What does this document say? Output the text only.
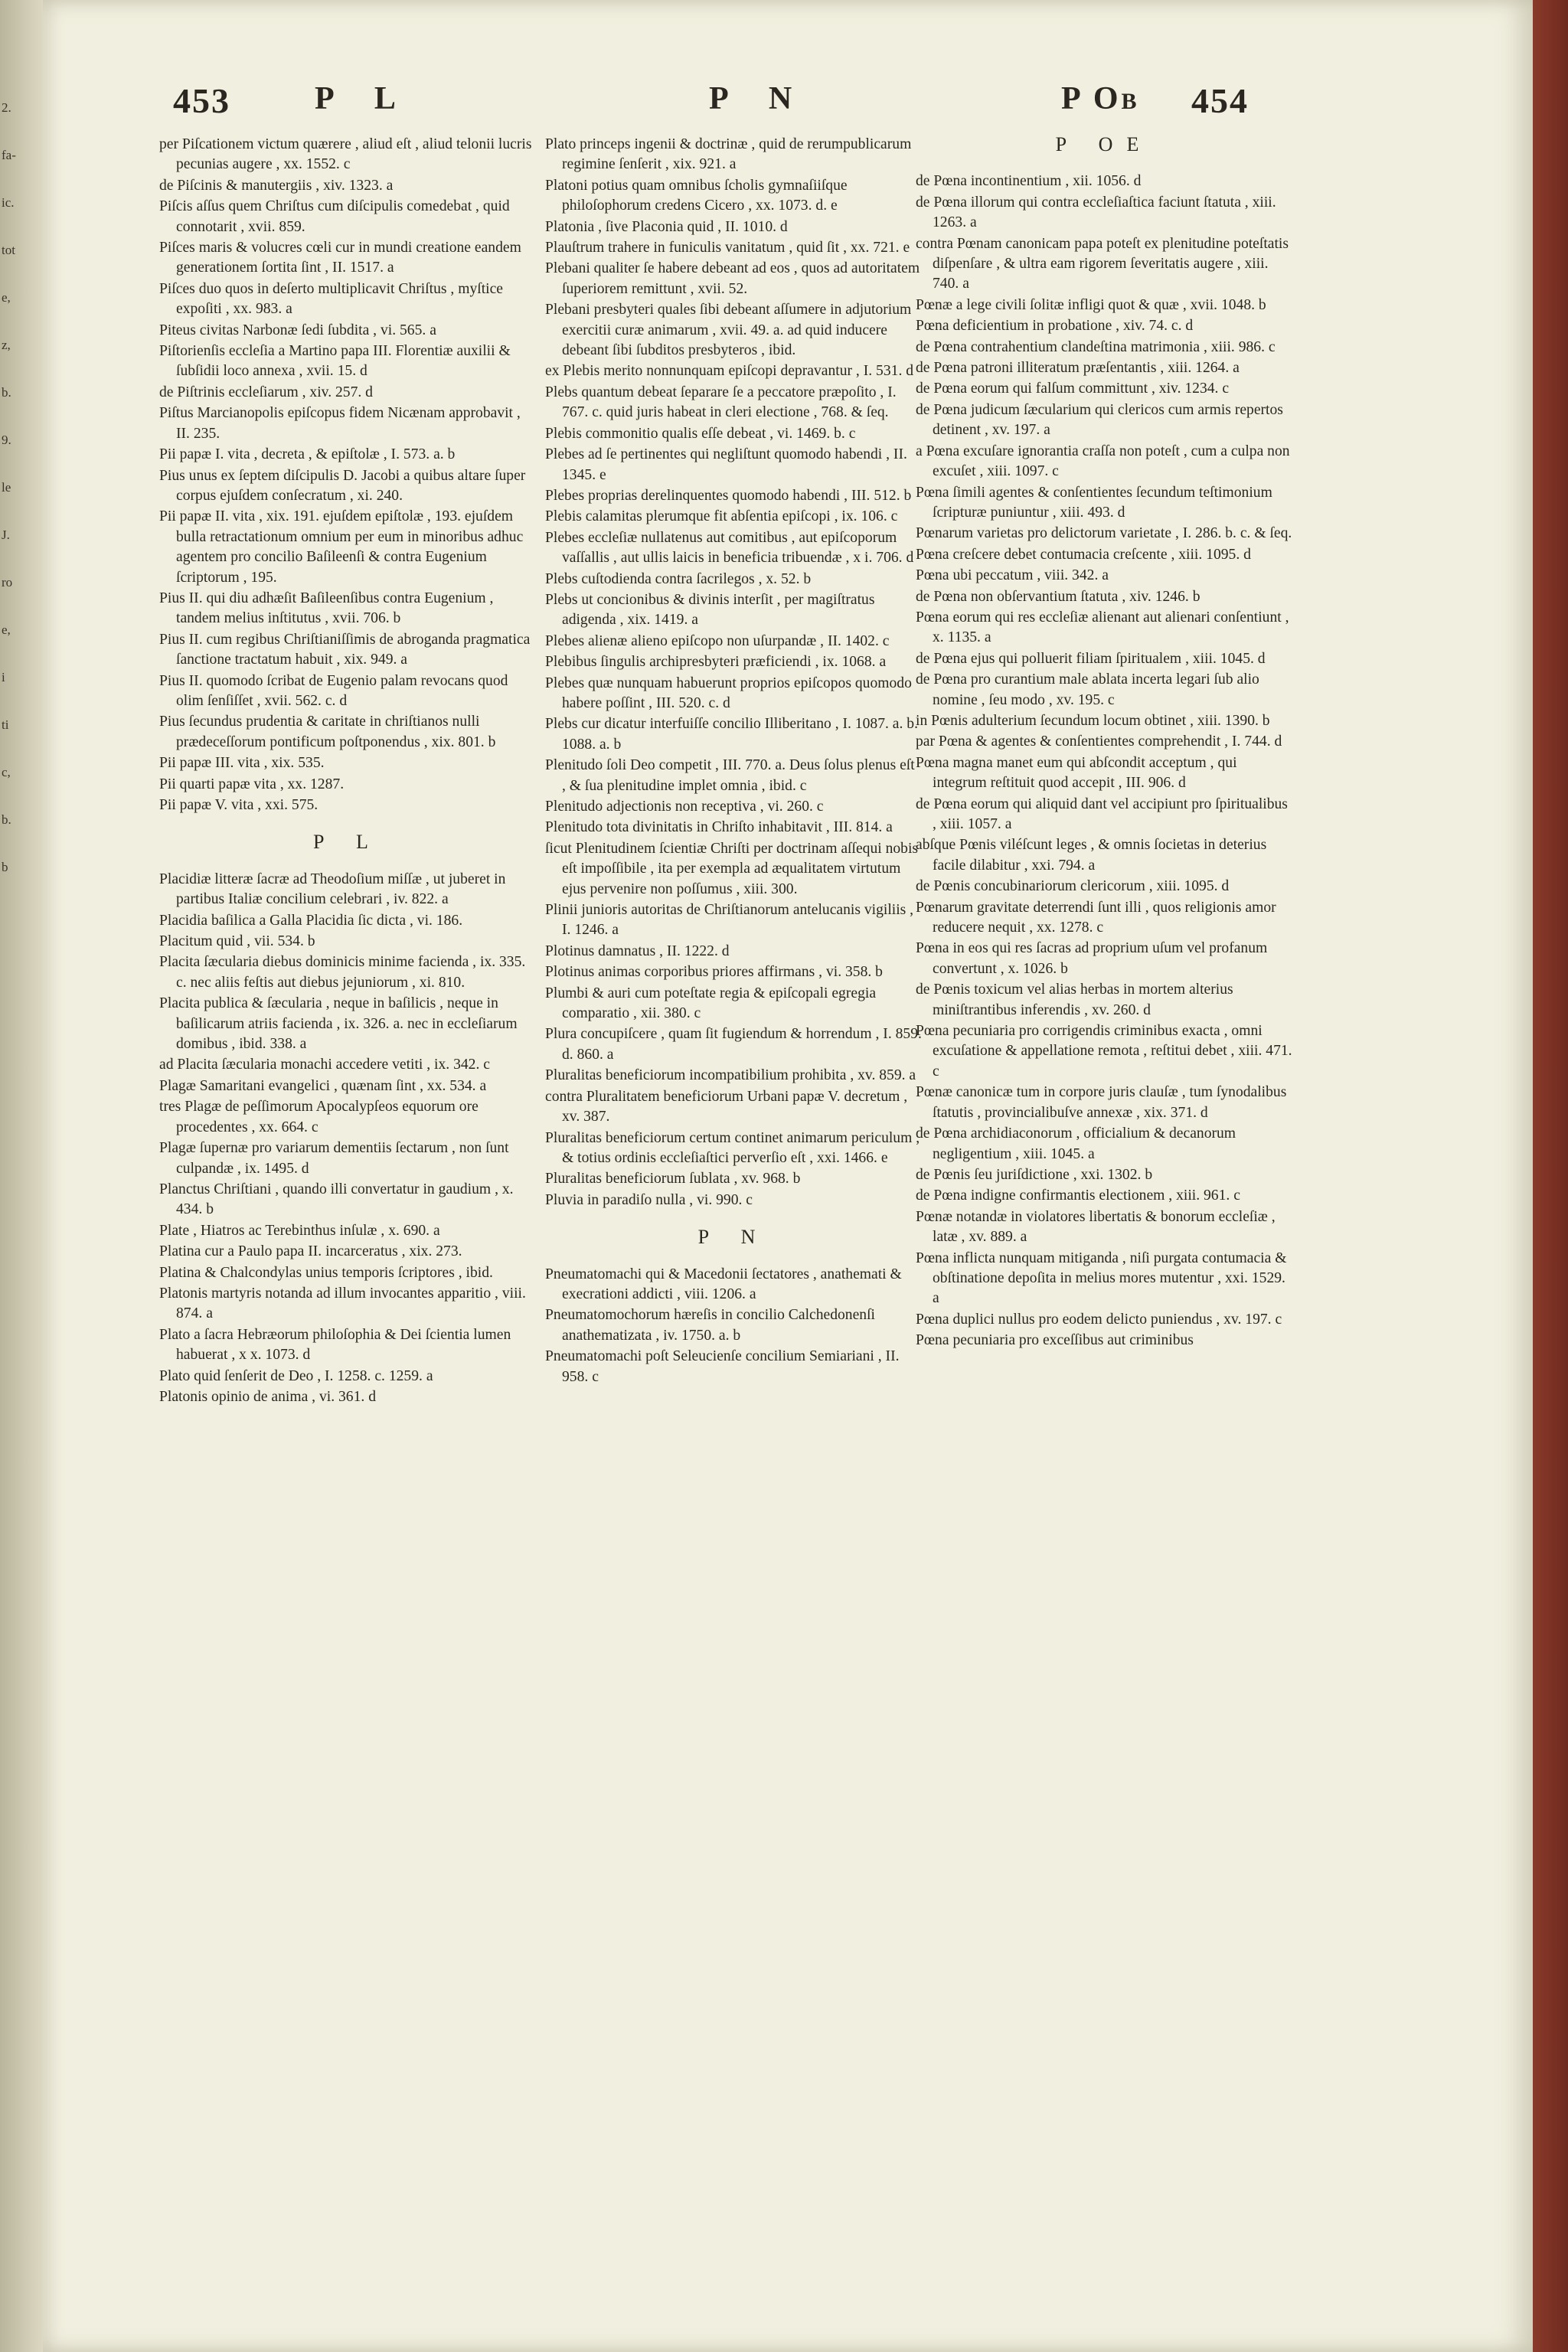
2.
fa-
ic.
tot
e,
z,
b.
9.
le
J.
ro
e,
i
ti
c,
b.
b
453	P L	P N	P OB 454

per Piſcationem victum quærere , aliud eſt , aliud telonii lucris pecunias augere , xx. 1552. c

de Piſcinis & manutergiis , xiv. 1323. a

Piſcis aſſus quem Chriſtus cum diſcipulis comedebat , quid connotarit , xvii. 859.

Piſces maris & volucres cœli cur in mundi creatione eandem generationem ſortita ſint , II. 1517. a

Piſces duo quos in deſerto multiplicavit Chriſtus , myſtice expoſiti , xx. 983. a

Piteus civitas Narbonæ ſedi ſubdita , vi. 565. a

Piſtorienſis eccleſia a Martino papa III. Florentiæ auxilii & ſubſidii loco annexa , xvii. 15. d

de Piſtrinis eccleſiarum , xiv. 257. d

Piſtus Marcianopolis epiſcopus fidem Nicænam approbavit , II. 235.

Pii papæ I. vita , decreta , & epiſtolæ , I. 573. a. b

Pius unus ex ſeptem diſcipulis D. Jacobi a quibus altare ſuper corpus ejuſdem conſecratum , xi. 240.

Pii papæ II. vita , xix. 191. ejuſdem epiſtolæ , 193. ejuſdem bulla retractationum omnium per eum in minoribus adhuc agentem pro concilio Baſileenſi & contra Eugenium ſcriptorum , 195.

Pius II. qui diu adhæſit Baſileenſibus contra Eugenium , tandem melius inſtitutus , xvii. 706. b

Pius II. cum regibus Chriſtianiſſimis de abroganda pragmatica ſanctione tractatum habuit , xix. 949. a

Pius II. quomodo ſcribat de Eugenio palam revocans quod olim ſenſiſſet , xvii. 562. c. d

Pius ſecundus prudentia & caritate in chriſtianos nulli prædeceſſorum pontificum poſtponendus , xix. 801. b

Pii papæ III. vita , xix. 535.

Pii quarti papæ vita , xx. 1287.

Pii papæ V. vita , xxi. 575.

P L

Placidiæ litteræ ſacræ ad Theodoſium miſſæ , ut juberet in partibus Italiæ concilium celebrari , iv. 822. a

Placidia baſilica a Galla Placidia ſic dicta , vi. 186.

Placitum quid , vii. 534. b

Placita ſæcularia diebus dominicis minime facienda , ix. 335. c. nec aliis feſtis aut diebus jejuniorum , xi. 810.

Placita publica & ſæcularia , neque in baſilicis , neque in baſilicarum atriis facienda , ix. 326. a. nec in eccleſiarum domibus , ibid. 338. a

ad Placita ſæcularia monachi accedere vetiti , ix. 342. c

Plagæ Samaritani evangelici , quænam ſint , xx. 534. a

tres Plagæ de peſſimorum Apocalypſeos equorum ore procedentes , xx. 664. c

Plagæ ſupernæ pro variarum dementiis ſectarum , non ſunt culpandæ , ix. 1495. d

Planctus Chriſtiani , quando illi convertatur in gaudium , x. 434. b

Plate , Hiatros ac Terebinthus inſulæ , x. 690. a

Platina cur a Paulo papa II. incarceratus , xix. 273.

Platina & Chalcondylas unius temporis ſcriptores , ibid.

Platonis martyris notanda ad illum invocantes apparitio , viii. 874. a

Plato a ſacra Hebræorum philoſophia & Dei ſcientia lumen habuerat , x x. 1073. d

Plato quid ſenſerit de Deo , I. 1258. c. 1259. a

Platonis opinio de anima , vi. 361. d

Plato princeps ingenii & doctrinæ , quid de rerumpublicarum regimine ſenſerit , xix. 921. a

Platoni potius quam omnibus ſcholis gymnaſiiſque philoſophorum credens Cicero , xx. 1073. d. e

Platonia , ſive Placonia quid , II. 1010. d

Plauſtrum trahere in funiculis vanitatum , quid ſit , xx. 721. e

Plebani qualiter ſe habere debeant ad eos , quos ad autoritatem ſuperiorem remittunt , xvii. 52.

Plebani presbyteri quales ſibi debeant aſſumere in adjutorium exercitii curæ animarum , xvii. 49. a. ad quid inducere debeant ſibi ſubditos presbyteros , ibid.

ex Plebis merito nonnunquam epiſcopi depravantur , I. 531. d

Plebs quantum debeat ſeparare ſe a peccatore præpoſito , I. 767. c. quid juris habeat in cleri electione , 768. & ſeq.

Plebis commonitio qualis eſſe debeat , vi. 1469. b. c

Plebes ad ſe pertinentes qui negliſtunt quomodo habendi , II. 1345. e

Plebes proprias derelinquentes quomodo habendi , III. 512. b

Plebis calamitas plerumque fit abſentia epiſcopi , ix. 106. c

Plebes eccleſiæ nullatenus aut comitibus , aut epiſcoporum vaſſallis , aut ullis laicis in beneficia tribuendæ , x i. 706. d

Plebs cuſtodienda contra ſacrilegos , x. 52. b

Plebs ut concionibus & divinis interſit , per magiſtratus adigenda , xix. 1419. a

Plebes alienæ alieno epiſcopo non uſurpandæ , II. 1402. c

Plebibus ſingulis archipresbyteri præficiendi , ix. 1068. a

Plebes quæ nunquam habuerunt proprios epiſcopos quomodo habere poſſint , III. 520. c. d

Plebs cur dicatur interfuiſſe concilio Illiberitano , I. 1087. a. b. 1088. a. b

Plenitudo ſoli Deo competit , III. 770. a. Deus ſolus plenus eſt , & ſua plenitudine implet omnia , ibid. c

Plenitudo adjectionis non receptiva , vi. 260. c

Plenitudo tota divinitatis in Chriſto inhabitavit , III. 814. a

ſicut Plenitudinem ſcientiæ Chriſti per doctrinam aſſequi nobis eſt impoſſibile , ita per exempla ad æqualitatem virtutum ejus pervenire non poſſumus , xiii. 300.

Plinii junioris autoritas de Chriſtianorum antelucanis vigiliis , I. 1246. a

Plotinus damnatus , II. 1222. d

Plotinus animas corporibus priores affirmans , vi. 358. b

Plumbi & auri cum poteſtate regia & epiſcopali egregia comparatio , xii. 380. c

Plura concupiſcere , quam ſit fugiendum & horrendum , I. 859. d. 860. a

Pluralitas beneficiorum incompatibilium prohibita , xv. 859. a

contra Pluralitatem beneficiorum Urbani papæ V. decretum , xv. 387.

Pluralitas beneficiorum certum continet animarum periculum , & totius ordinis eccleſiaſtici perverſio eſt , xxi. 1466. e

Pluralitas beneficiorum ſublata , xv. 968. b

Pluvia in paradiſo nulla , vi. 990. c

P N

Pneumatomachi qui & Macedonii ſectatores , anathemati & execrationi addicti , viii. 1206. a

Pneumatomochorum hæreſis in concilio Calchedonenſi anathematizata , iv. 1750. a. b

Pneumatomachi poſt Seleucienſe concilium Semiariani , II. 958. c

P OE

de Pœna incontinentium , xii. 1056. d

de Pœna illorum qui contra eccleſiaſtica faciunt ſtatuta , xiii. 1263. a

contra Pœnam canonicam papa poteſt ex plenitudine poteſtatis diſpenſare , & ultra eam rigorem ſeveritatis augere , xiii. 740. a

Pœnæ a lege civili ſolitæ infligi quot & quæ , xvii. 1048. b

Pœna deficientium in probatione , xiv. 74. c. d

de Pœna contrahentium clandeſtina matrimonia , xiii. 986. c

de Pœna patroni illiteratum præſentantis , xiii. 1264. a

de Pœna eorum qui falſum committunt , xiv. 1234. c

de Pœna judicum ſæcularium qui clericos cum armis repertos detinent , xv. 197. a

a Pœna excuſare ignorantia craſſa non poteſt , cum a culpa non excuſet , xiii. 1097. c

Pœna ſimili agentes & conſentientes ſecundum teſtimonium ſcripturæ puniuntur , xiii. 493. d

Pœnarum varietas pro delictorum varietate , I. 286. b. c. & ſeq.

Pœna creſcere debet contumacia creſcente , xiii. 1095. d

Pœna ubi peccatum , viii. 342. a

de Pœna non obſervantium ſtatuta , xiv. 1246. b

Pœna eorum qui res eccleſiæ alienant aut alienari conſentiunt , x. 1135. a

de Pœna ejus qui polluerit filiam ſpiritualem , xiii. 1045. d

de Pœna pro curantium male ablata incerta legari ſub alio nomine , ſeu modo , xv. 195. c

in Pœnis adulterium ſecundum locum obtinet , xiii. 1390. b

par Pœna & agentes & conſentientes comprehendit , I. 744. d

Pœna magna manet eum qui abſcondit acceptum , qui integrum reſtituit quod accepit , III. 906. d

de Pœna eorum qui aliquid dant vel accipiunt pro ſpiritualibus , xiii. 1057. a

abſque Pœnis viléſcunt leges , & omnis ſocietas in deterius facile dilabitur , xxi. 794. a

de Pœnis concubinariorum clericorum , xiii. 1095. d

Pœnarum gravitate deterrendi ſunt illi , quos religionis amor reducere nequit , xx. 1278. c

Pœna in eos qui res ſacras ad proprium uſum vel profanum convertunt , x. 1026. b

de Pœnis toxicum vel alias herbas in mortem alterius miniſtrantibus inferendis , xv. 260. d

Pœna pecuniaria pro corrigendis criminibus exacta , omni excuſatione & appellatione remota , reſtitui debet , xiii. 471. c

Pœnæ canonicæ tum in corpore juris clauſæ , tum ſynodalibus ſtatutis , provincialibuſve annexæ , xix. 371. d

de Pœna archidiaconorum , officialium & decanorum negligentium , xiii. 1045. a

de Pœnis ſeu juriſdictione , xxi. 1302. b

de Pœna indigne confirmantis electionem , xiii. 961. c

Pœnæ notandæ in violatores libertatis & bonorum eccleſiæ , latæ , xv. 889. a

Pœna inflicta nunquam mitiganda , niſi purgata contumacia & obſtinatione depoſita in melius mores mutentur , xxi. 1529. a

Pœna duplici nullus pro eodem delicto puniendus , xv. 197. c

Pœna pecuniaria pro exceſſibus aut criminibus
